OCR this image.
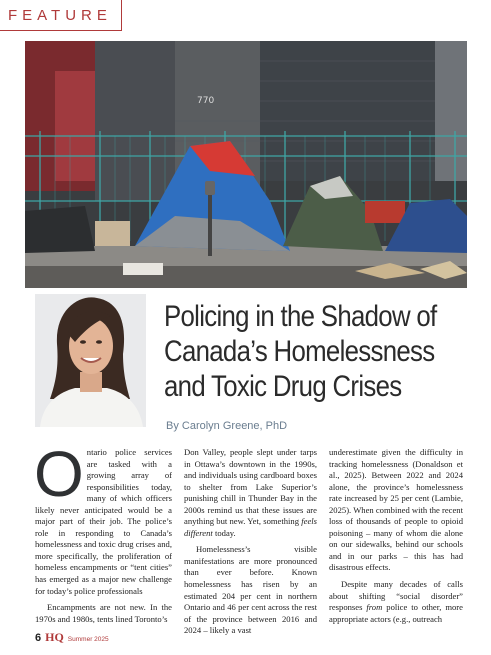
FEATURE
770
Policing in the Shadow of
Canada’s Homelessness
and Toxic Drug Crises
By Carolyn Greene, PhD

Ontario police services are tasked with a growing array of responsibilities today, many of which officers likely never anticipated would be a major part of their job. The police’s role in responding to Canada’s homelessness and toxic drug crises and, more specifically, the proliferation of homeless encampments or “tent cities” has emerged as a major new challenge for today’s police professionals

Encampments are not new. In the 1970s and 1980s, tents lined Toronto’s

Don Valley, people slept under tarps in Ottawa’s downtown in the 1990s, and individuals using cardboard boxes to shelter from Lake Superior’s punishing chill in Thunder Bay in the 2000s remind us that these issues are anything but new. Yet, something feels different today.

Homelessness’s visible manifestations are more pronounced than ever before. Known homelessness has risen by an estimated 204 per cent in northern Ontario and 46 per cent across the rest of the province between 2016 and 2024 – likely a vast

underestimate given the difficulty in tracking homelessness (Donaldson et al., 2025). Between 2022 and 2024 alone, the province’s homelessness rate increased by 25 per cent (Lambie, 2025). When combined with the recent loss of thousands of people to opioid poisoning – many of whom die alone on our sidewalks, behind our schools and in our parks – this has had disastrous effects.

Despite many decades of calls about shifting “social disorder” responses from police to other, more appropriate actors (e.g., outreach

6 HQ Summer 2025
